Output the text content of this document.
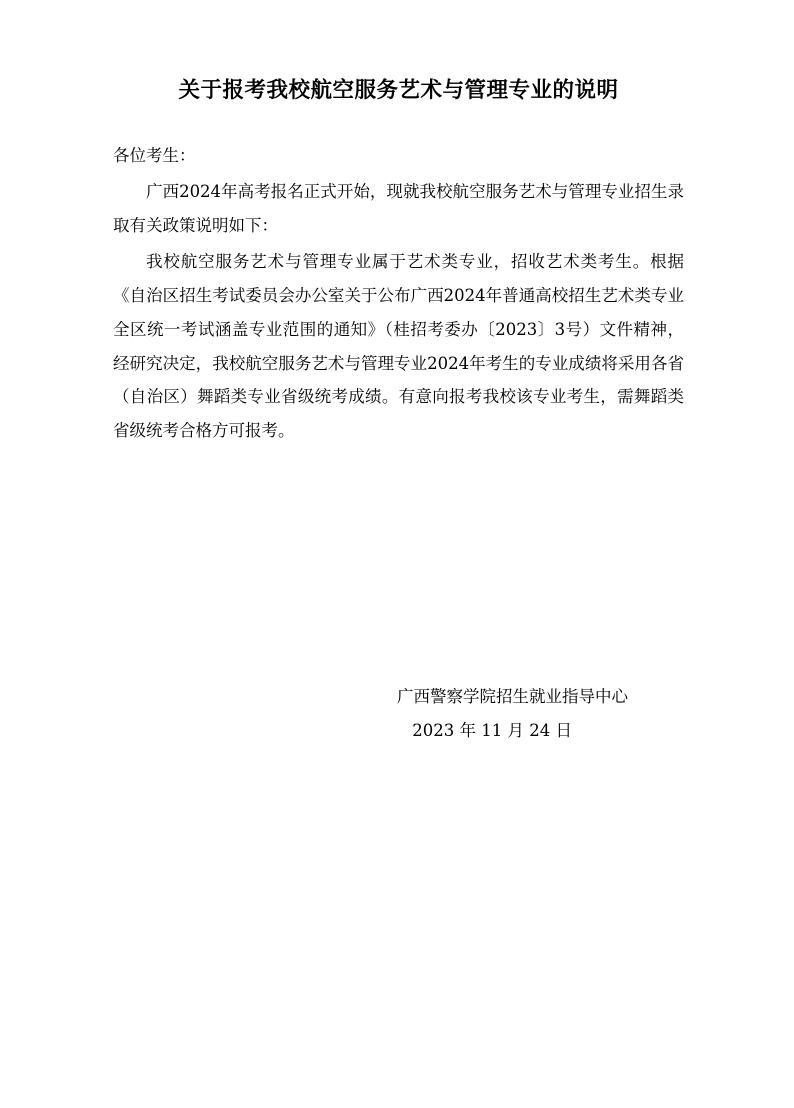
关于报考我校航空服务艺术与管理专业的说明

各位考生：

广西2024年高考报名正式开始，现就我校航空服务艺术与管理专业招生录取有关政策说明如下：

我校航空服务艺术与管理专业属于艺术类专业，招收艺术类考生。根据《自治区招生考试委员会办公室关于公布广西2024年普通高校招生艺术类专业全区统一考试涵盖专业范围的通知》（桂招考委办〔2023〕3号）文件精神，经研究决定，我校航空服务艺术与管理专业2024年考生的专业成绩将采用各省（自治区）舞蹈类专业省级统考成绩。有意向报考我校该专业考生，需舞蹈类省级统考合格方可报考。

广西警察学院招生就业指导中心

2023 年 11 月 24 日
